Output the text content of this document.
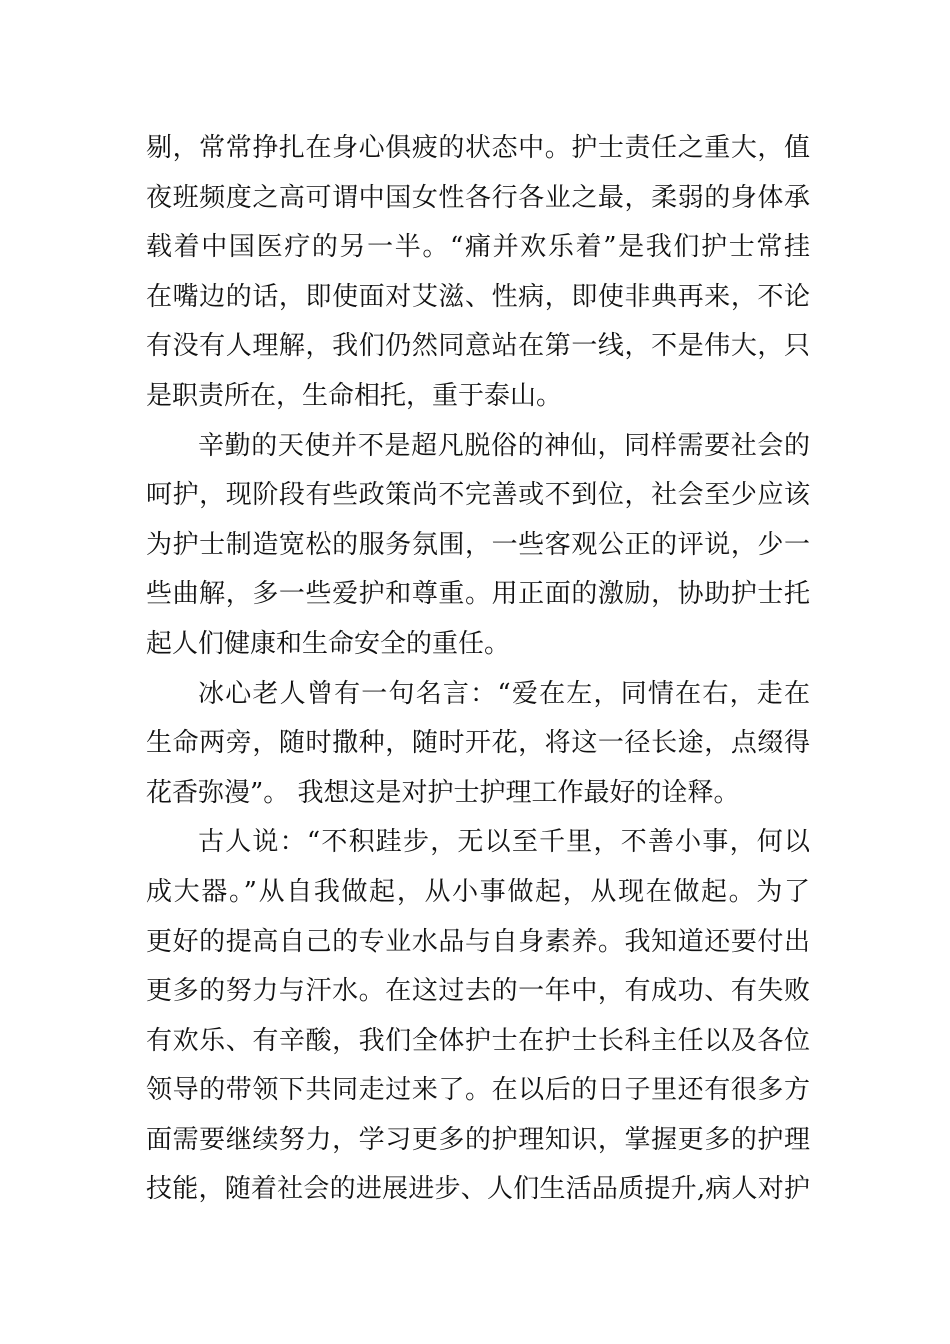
剔，常常挣扎在身心俱疲的状态中。护士责任之重大，值
夜班频度之高可谓中国女性各行各业之最，柔弱的身体承
载着中国医疗的另一半。“痛并欢乐着”是我们护士常挂
在嘴边的话，即使面对艾滋、性病，即使非典再来，不论
有没有人理解，我们仍然同意站在第一线，不是伟大，只
是职责所在，生命相托，重于泰山。
辛勤的天使并不是超凡脱俗的神仙，同样需要社会的
呵护，现阶段有些政策尚不完善或不到位，社会至少应该
为护士制造宽松的服务氛围，一些客观公正的评说，少一
些曲解，多一些爱护和尊重。用正面的激励，协助护士托
起人们健康和生命安全的重任。
冰心老人曾有一句名言：“爱在左，同情在右，走在
生命两旁，随时撒种，随时开花，将这一径长途，点缀得
花香弥漫”。 我想这是对护士护理工作最好的诠释。
古人说：“不积跬步，无以至千里，不善小事，何以
成大器。”从自我做起，从小事做起，从现在做起。为了
更好的提高自己的专业水品与自身素养。我知道还要付出
更多的努力与汗水。在这过去的一年中，有成功、有失败
有欢乐、有辛酸，我们全体护士在护士长科主任以及各位
领导的带领下共同走过来了。在以后的日子里还有很多方
面需要继续努力，学习更多的护理知识，掌握更多的护理
技能，随着社会的进展进步、人们生活品质提升,病人对护
